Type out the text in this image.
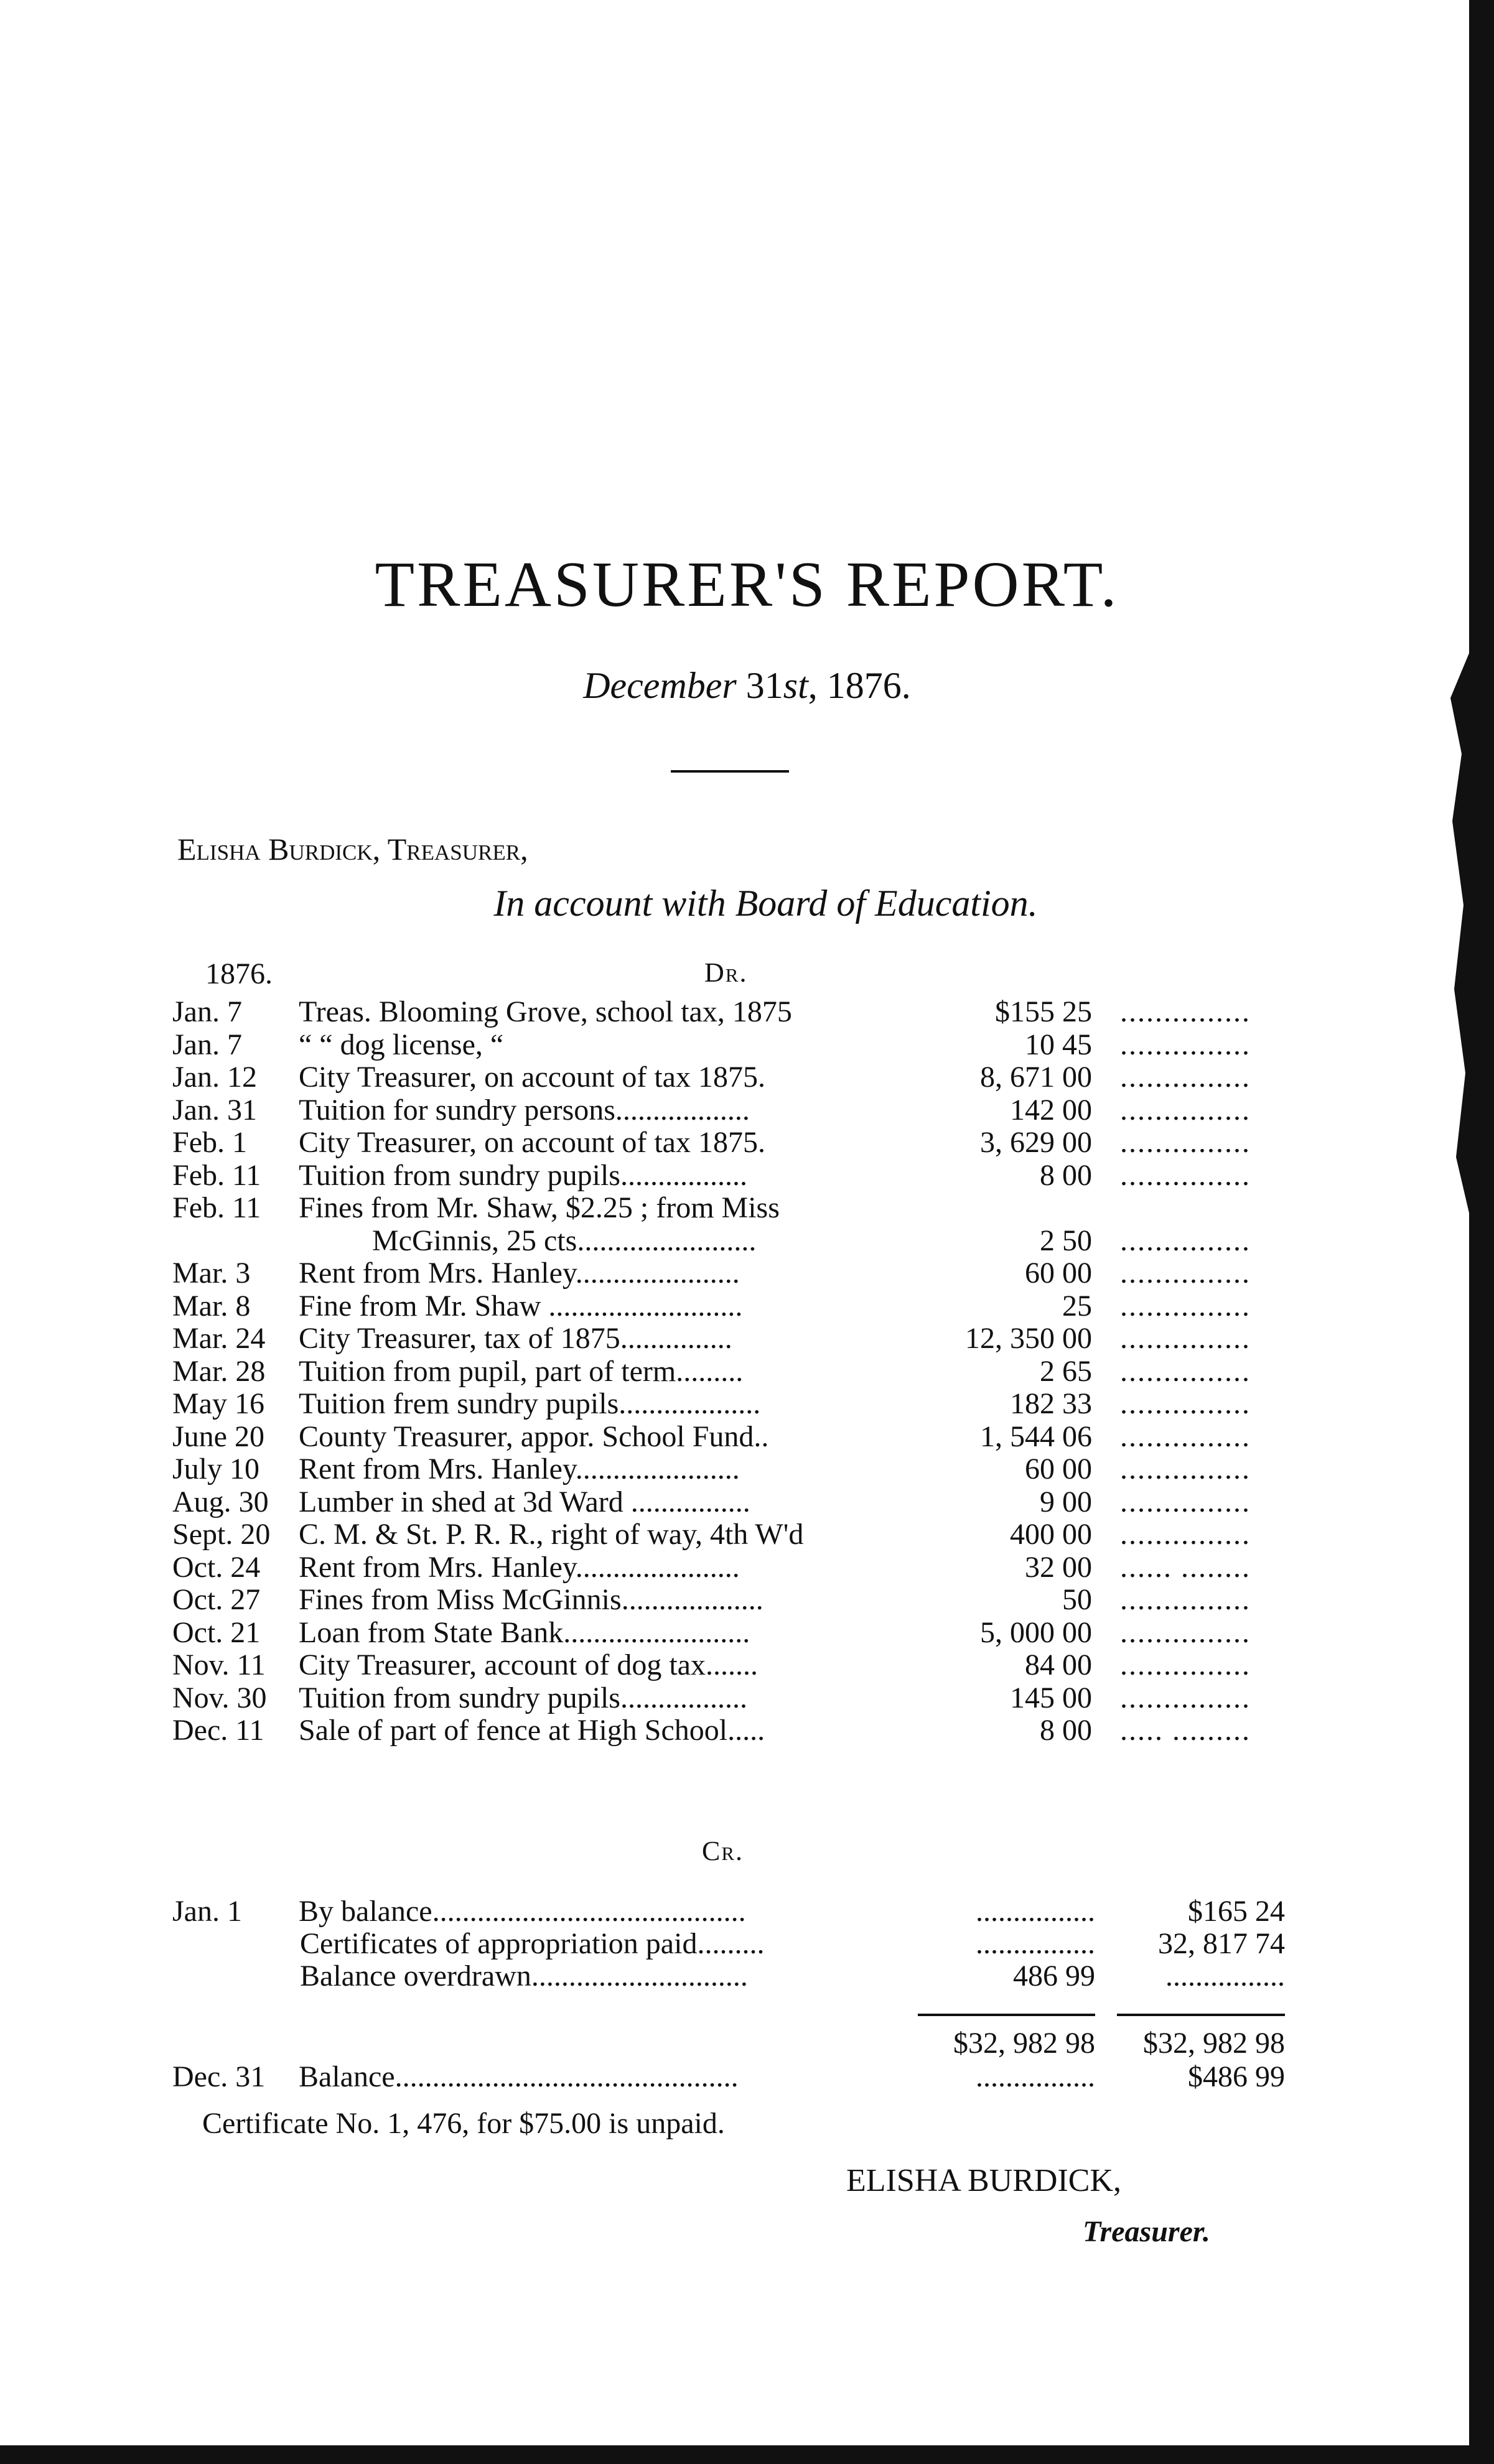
TREASURER'S REPORT.
December 31st, 1876.
Elisha Burdick, Treasurer,
In account with Board of Education.
1876.	Dr.
Jan. 7	Treas. Blooming Grove, school tax, 1875	$155 25 ...............
Jan. 7	“ “ dog license, “	10 45 ...............
Jan. 12	City Treasurer, on account of tax 1875.	8, 671 00 ...............
Jan. 31	Tuition for sundry persons..................	142 00 ...............
Feb. 1	City Treasurer, on account of tax 1875.	3, 629 00 ...............
Feb. 11	Tuition from sundry pupils.................	8 00 ...............
Feb. 11	Fines from Mr. Shaw, $2.25 ; from Miss
McGinnis, 25 cts........................	2 50 ...............
Mar. 3	Rent from Mrs. Hanley......................	60 00 ...............
Mar. 8	Fine from Mr. Shaw ..........................	25 ...............
Mar. 24	City Treasurer, tax of 1875...............	12, 350 00 ...............
Mar. 28	Tuition from pupil, part of term.........	2 65 ...............
May 16	Tuition frem sundry pupils...................	182 33 ...............
June 20	County Treasurer, appor. School Fund..	1, 544 06 ...............
July 10	Rent from Mrs. Hanley......................	60 00 ...............
Aug. 30	Lumber in shed at 3d Ward ................	9 00 ...............
Sept. 20 C. M. & St. P. R. R., right of way, 4th W'd	400 00 ...............
Oct. 24	Rent from Mrs. Hanley......................	32 00 ...... ........
Oct. 27	Fines from Miss McGinnis...................	50 ...............
Oct. 21	Loan from State Bank.........................	5, 000 00 ...............
Nov. 11	City Treasurer, account of dog tax.......	84 00 ...............
Nov. 30	Tuition from sundry pupils.................	145 00 ...............
Dec. 11	Sale of part of fence at High School.....	8 00 ..... .........
Cr.
Jan. 1	By balance..........................................	................	$165 24
Certificates of appropriation paid.........	................	32, 817 74
Balance overdrawn.............................	486 99	................
$32, 982 98	$32, 982 98
Dec. 31	Balance..............................................	................	$486 99
Certificate No. 1, 476, for $75.00 is unpaid.
ELISHA BURDICK,
Treasurer.
